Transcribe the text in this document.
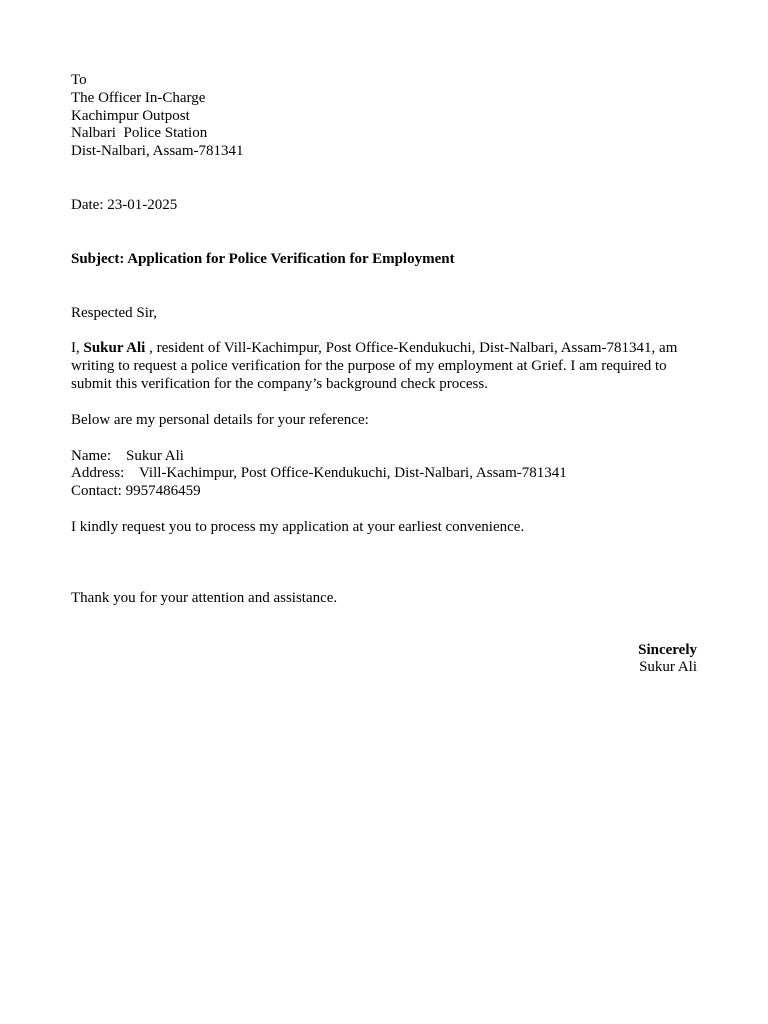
To
The Officer In-Charge
Kachimpur Outpost
Nalbari  Police Station
Dist-Nalbari, Assam-781341
Date: 23-01-2025
Subject: Application for Police Verification for Employment
Respected Sir,
I, Sukur Ali , resident of Vill-Kachimpur, Post Office-Kendukuchi, Dist-Nalbari, Assam-781341, am writing to request a police verification for the purpose of my employment at Grief. I am required to submit this verification for the company’s background check process.
Below are my personal details for your reference:
Name: Sukur Ali
Address: Vill-Kachimpur, Post Office-Kendukuchi, Dist-Nalbari, Assam-781341
Contact: 9957486459
I kindly request you to process my application at your earliest convenience.
Thank you for your attention and assistance.
Sincerely
Sukur Ali
